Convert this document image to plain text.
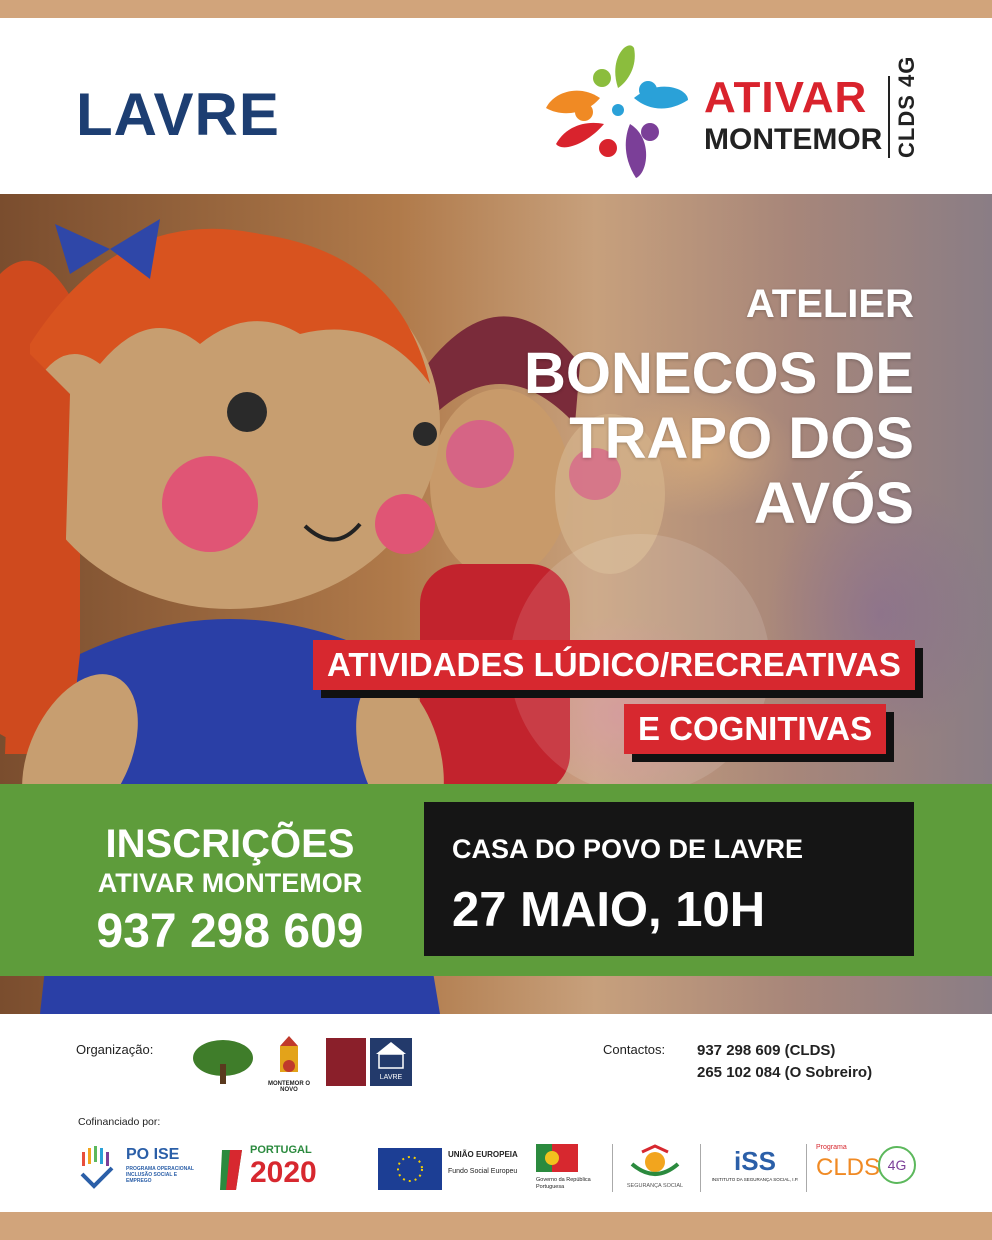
LAVRE	ATIVAR
MONTEMOR CLDS 4G
ATELIER
BONECOS DE
TRAPO DOS
AVÓS
ATIVIDADES LÚDICO/RECREATIVAS
E COGNITIVAS
INSCRIÇÕES
ATIVAR MONTEMOR
937 298 609
CASA DO POVO DE LAVRE
27 MAIO, 10H
Organização:
MONTEMOR O NOVO
LAVRE
Contactos: 937 298 609 (CLDS)
265 102 084 (O Sobreiro)
Cofinanciado por:
PO ISE
PROGRAMA OPERACIONAL INCLUSÃO SOCIAL E EMPREGO
PORTUGAL
2020
UNIÃO EUROPEIA
Fundo Social Europeu
Governo da República Portuguesa	SEGURANÇA SOCIAL
iSS
INSTITUTO DA SEGURANÇA SOCIAL, I.P.
Programa
CLDS 4G
